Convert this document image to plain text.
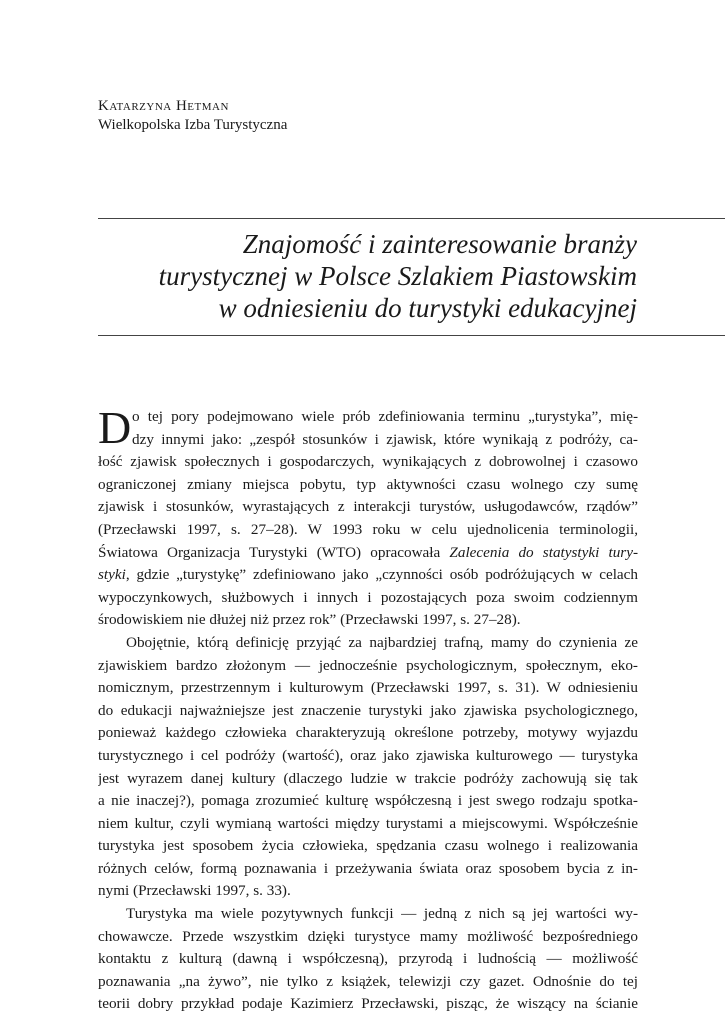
Katarzyna Hetman
Wielkopolska Izba Turystyczna
Znajomość i zainteresowanie branży
turystycznej w Polsce Szlakiem Piastowskim
w odniesieniu do turystyki edukacyjnej
D o tej pory podejmowano wiele prób zdefiniowania terminu „turystyka”, mię-
dzy innymi jako: „zespół stosunków i zjawisk, które wynikają z podróży, ca-
łość zjawisk społecznych i gospodarczych, wynikających z dobrowolnej i czasowo
ograniczonej zmiany miejsca pobytu, typ aktywności czasu wolnego czy sumę
zjawisk i stosunków, wyrastających z interakcji turystów, usługodawców, rządów”
(Przecławski 1997, s. 27–28). W 1993 roku w celu ujednolicenia terminologii,
Światowa Organizacja Turystyki (WTO) opracowała Zalecenia do statystyki tury-
styki, gdzie „turystykę” zdefiniowano jako „czynności osób podróżujących w celach
wypoczynkowych, służbowych i innych i pozostających poza swoim codziennym
środowiskiem nie dłużej niż przez rok” (Przecławski 1997, s. 27–28).
Obojętnie, którą definicję przyjąć za najbardziej trafną, mamy do czynienia ze
zjawiskiem bardzo złożonym — jednocześnie psychologicznym, społecznym, eko-
nomicznym, przestrzennym i kulturowym (Przecławski 1997, s. 31). W odniesieniu
do edukacji najważniejsze jest znaczenie turystyki jako zjawiska psychologicznego,
ponieważ każdego człowieka charakteryzują określone potrzeby, motywy wyjazdu
turystycznego i cel podróży (wartość), oraz jako zjawiska kulturowego — turystyka
jest wyrazem danej kultury (dlaczego ludzie w trakcie podróży zachowują się tak
a nie inaczej?), pomaga zrozumieć kulturę współczesną i jest swego rodzaju spotka-
niem kultur, czyli wymianą wartości między turystami a miejscowymi. Współcześnie
turystyka jest sposobem życia człowieka, spędzania czasu wolnego i realizowania
różnych celów, formą poznawania i przeżywania świata oraz sposobem bycia z in-
nymi (Przecławski 1997, s. 33).
Turystyka ma wiele pozytywnych funkcji — jedną z nich są jej wartości wy-
chowawcze. Przede wszystkim dzięki turystyce mamy możliwość bezpośredniego
kontaktu z kulturą (dawną i współczesną), przyrodą i ludnością — możliwość
poznawania „na żywo”, nie tylko z książek, telewizji czy gazet. Odnośnie do tej
teorii dobry przykład podaje Kazimierz Przecławski, pisząc, że wiszący na ścianie
